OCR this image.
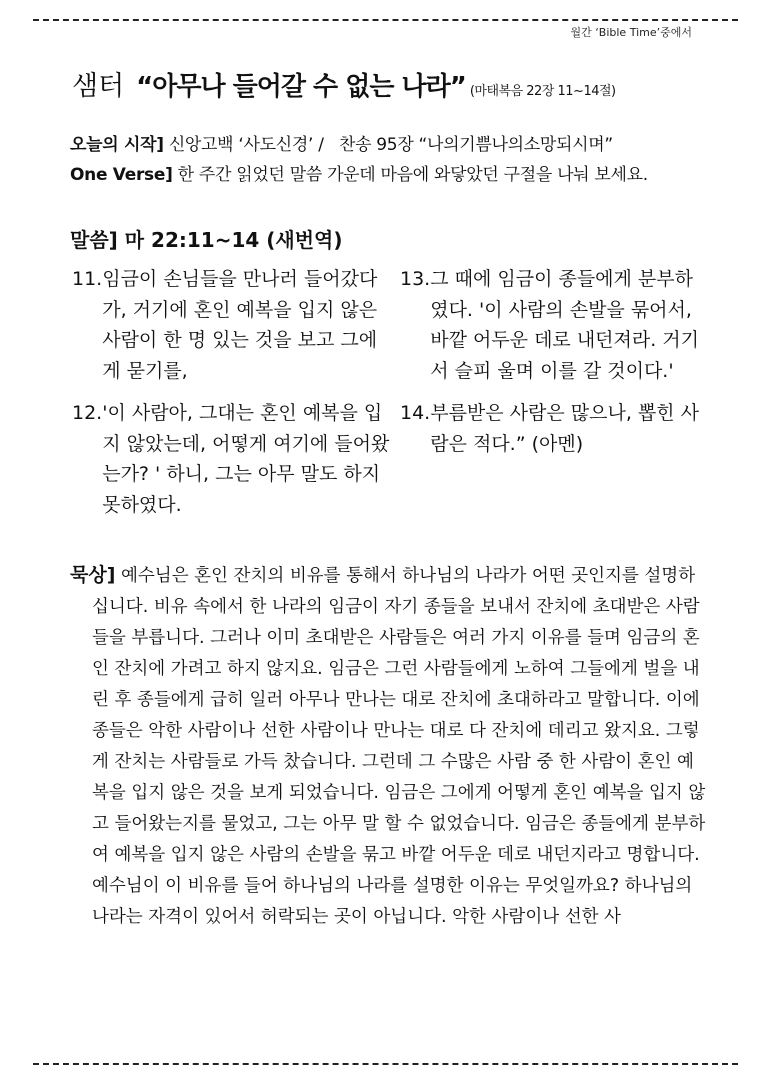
월간 ‘Bible Time’중에서
샘터 “아무나 들어갈 수 없는 나라” (마태복음 22장 11~14절)
오늘의 시작] 신앙고백 ‘사도신경’ /   찬송 95장 “나의기쁨나의소망되시며”
One Verse] 한 주간 읽었던 말씀 가운데 마음에 와닿았던 구절을 나눠 보세요.
말씀] 마 22:11~14 (새번역)
11. 임금이 손님들을 만나러 들어갔다가, 거기에 혼인 예복을 입지 않은 사람이 한 명 있는 것을 보고 그에게 묻기를,
12. '이 사람아, 그대는 혼인 예복을 입지 않았는데, 어떻게 여기에 들어왔는가? ' 하니, 그는 아무 말도 하지 못하였다.
13. 그 때에 임금이 종들에게 분부하였다. '이 사람의 손발을 묶어서, 바깥 어두운 데로 내던져라. 거기서 슬피 울며 이를 갈 것이다.'
14. 부름받은 사람은 많으나, 뽑힌 사람은 적다.” (아멘)

묵상] 예수님은 혼인 잔치의 비유를 통해서 하나님의 나라가 어떤 곳인지를 설명하십니다. 비유 속에서 한 나라의 임금이 자기 종들을 보내서 잔치에 초대받은 사람들을 부릅니다. 그러나 이미 초대받은 사람들은 여러 가지 이유를 들며 임금의 혼인 잔치에 가려고 하지 않지요. 임금은 그런 사람들에게 노하여 그들에게 벌을 내린 후 종들에게 급히 일러 아무나 만나는 대로 잔치에 초대하라고 말합니다. 이에 종들은 악한 사람이나 선한 사람이나 만나는 대로 다 잔치에 데리고 왔지요. 그렇게 잔치는 사람들로 가득 찼습니다. 그런데 그 수많은 사람 중 한 사람이 혼인 예복을 입지 않은 것을 보게 되었습니다. 임금은 그에게 어떻게 혼인 예복을 입지 않고 들어왔는지를 물었고, 그는 아무 말 할 수 없었습니다. 임금은 종들에게 분부하여 예복을 입지 않은 사람의 손발을 묶고 바깥 어두운 데로 내던지라고 명합니다. 예수님이 이 비유를 들어 하나님의 나라를 설명한 이유는 무엇일까요? 하나님의 나라는 자격이 있어서 허락되는 곳이 아닙니다. 악한 사람이나 선한 사
